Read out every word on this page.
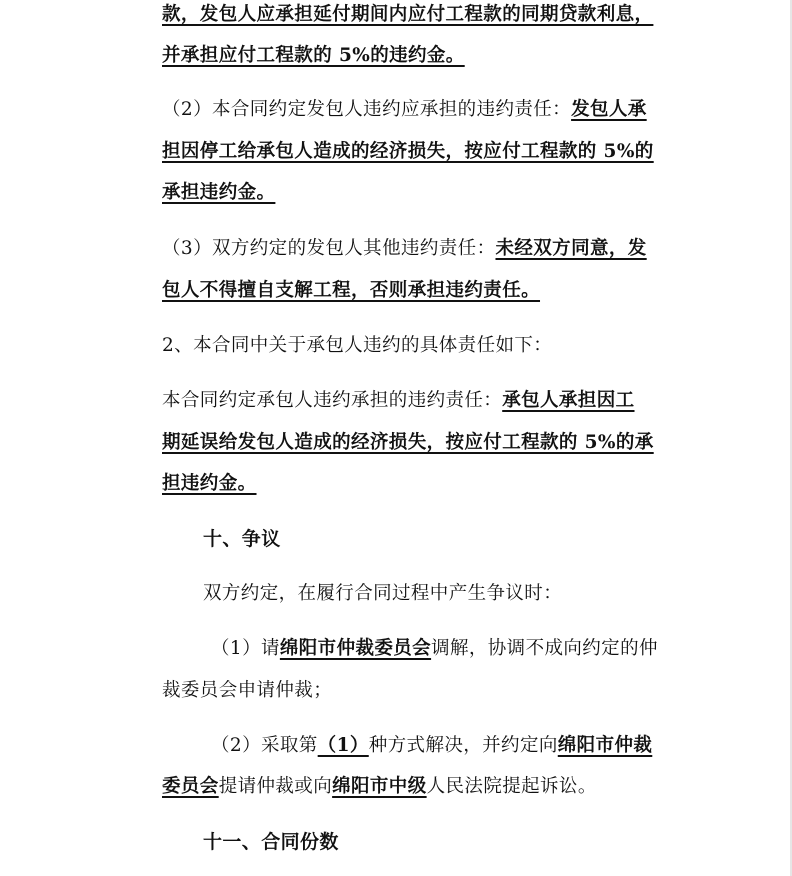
款，发包人应承担延付期间内应付工程款的同期贷款利息，
并承担应付工程款的 5%的违约金。
（2）本合同约定发包人违约应承担的违约责任：发包人承
担因停工给承包人造成的经济损失，按应付工程款的 5%的
承担违约金。
（3）双方约定的发包人其他违约责任：未经双方同意，发
包人不得擅自支解工程，否则承担违约责任。
2、本合同中关于承包人违约的具体责任如下：
本合同约定承包人违约承担的违约责任：承包人承担因工
期延误给发包人造成的经济损失，按应付工程款的 5%的承
担违约金。
十、争议
双方约定，在履行合同过程中产生争议时：
（1）请绵阳市仲裁委员会调解，协调不成向约定的仲
裁委员会申请仲裁；
（2）采取第（1）种方式解决，并约定向绵阳市仲裁
委员会提请仲裁或向绵阳市中级人民法院提起诉讼。
十一、合同份数
